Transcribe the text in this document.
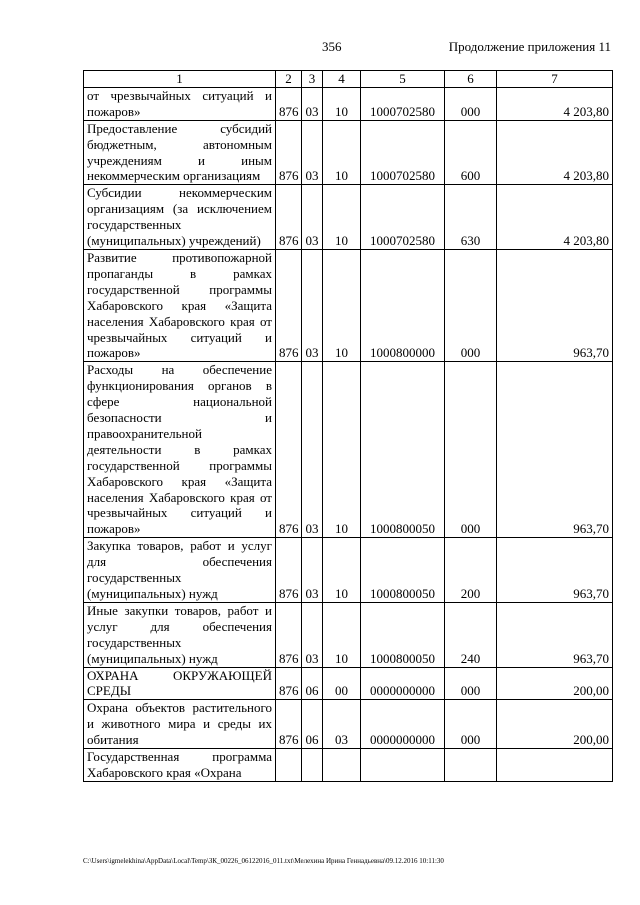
356	Продолжение приложения 11
1	2	3	4	5	6	7
от чрезвычайных ситуаций и пожаров»	876	03	10	1000702580	000	4 203,80
Предоставление субсидий бюджетным, автономным учреждениям и иным некоммерческим организациям	876	03	10	1000702580	600	4 203,80
Субсидии некоммерческим организациям (за исключением государственных (муниципальных) учреждений)	876	03	10	1000702580	630	4 203,80
Развитие противопожарной пропаганды в рамках государственной программы Хабаровского края «Защита населения Хабаровского края от чрезвычайных ситуаций и пожаров»	876	03	10	1000800000	000	963,70
Расходы на обеспечение функционирования органов в сфере национальной безопасности и правоохранительной деятельности в рамках государственной программы Хабаровского края «Защита населения Хабаровского края от чрезвычайных ситуаций и пожаров»	876	03	10	1000800050	000	963,70
Закупка товаров, работ и услуг для обеспечения государственных (муниципальных) нужд	876	03	10	1000800050	200	963,70
Иные закупки товаров, работ и услуг для обеспечения государственных (муниципальных) нужд	876	03	10	1000800050	240	963,70
ОХРАНА ОКРУЖАЮЩЕЙ СРЕДЫ	876	06	00	0000000000	000	200,00
Охрана объектов растительного и животного мира и среды их обитания	876	06	03	0000000000	000	200,00
Государственная программа Хабаровского края «Охрана						
C:\Users\igmelekhina\AppData\Local\Temp\ЗК_00226_06122016_011.txt\Мелехина Ирина Геннадьевна\09.12.2016 10:11:30
